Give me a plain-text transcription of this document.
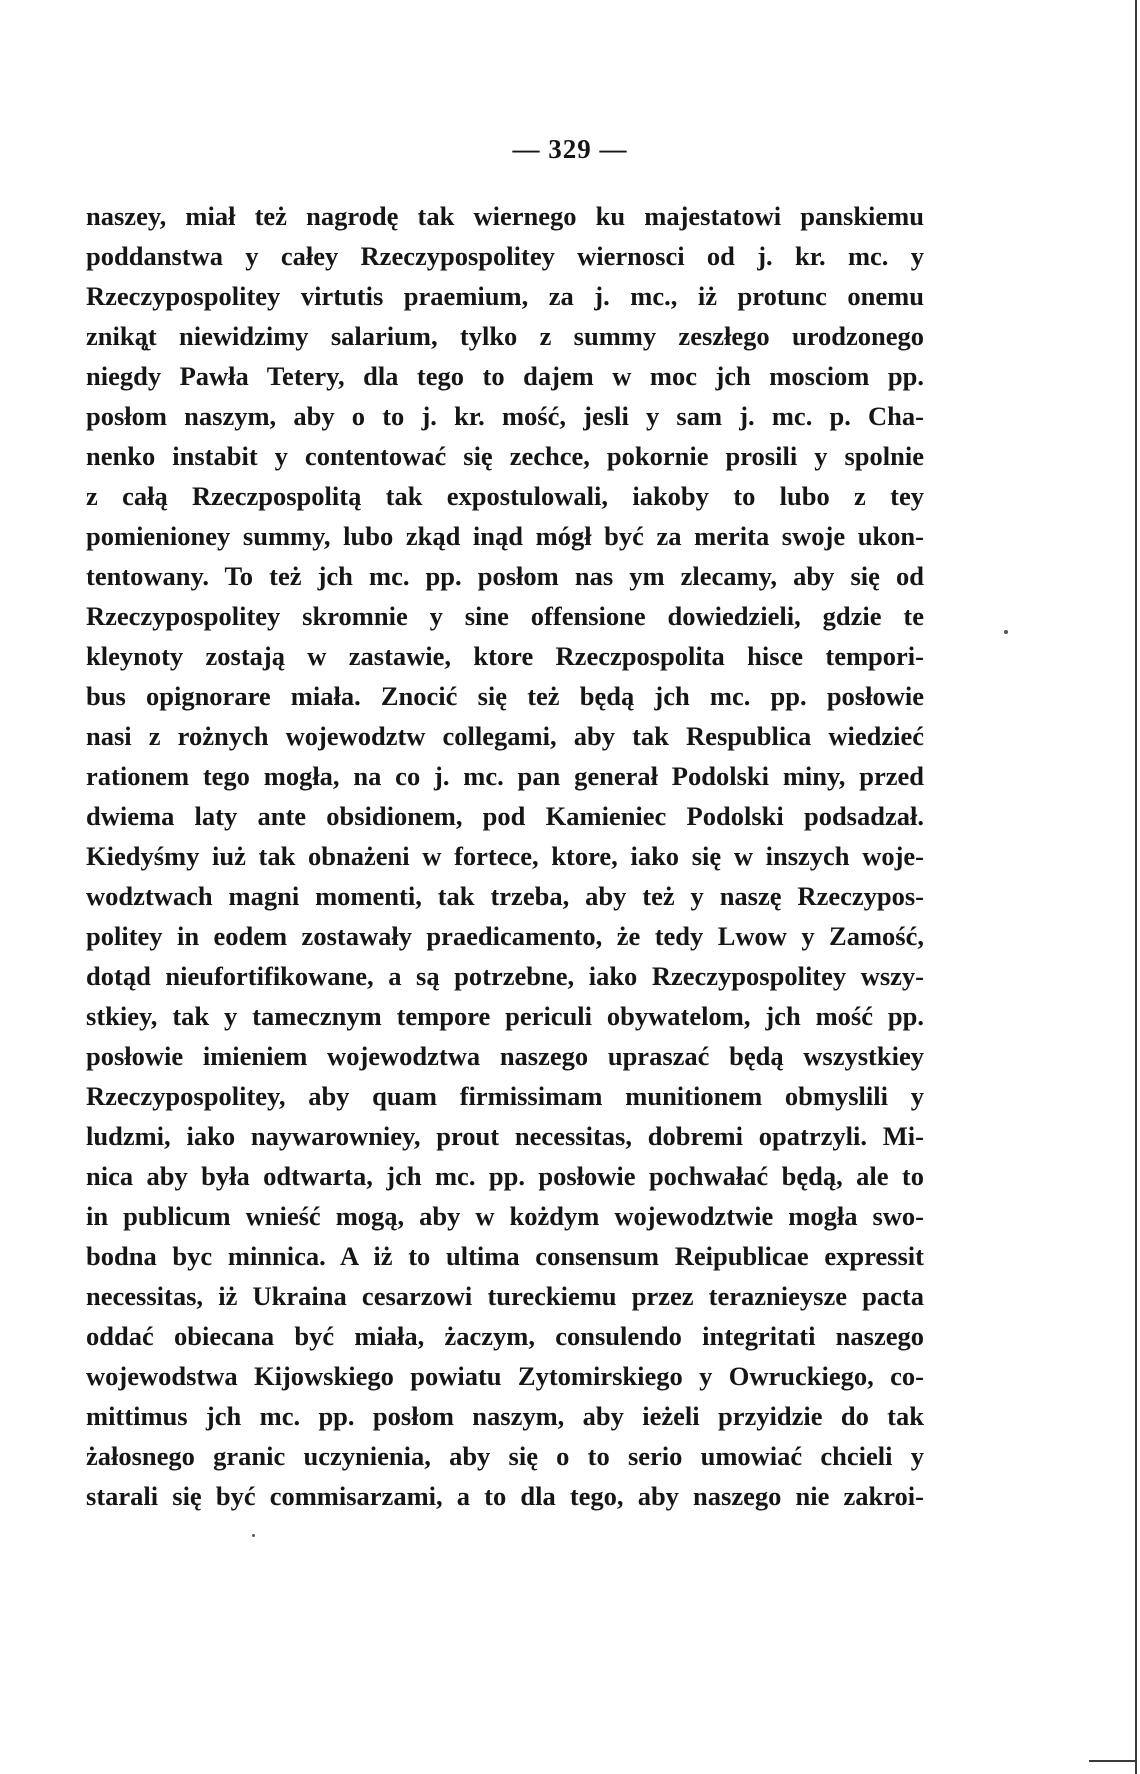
— 329 —
naszey, miał też nagrodę tak wiernego ku majestatowi panskiemu
poddanstwa y całey Rzeczypospolitey wiernosci od j. kr. mc. y
Rzeczypospolitey virtutis praemium, za j. mc., iż protunc onemu
zniką̨t niewidzimy salarium, tylko z summy zeszłego urodzonego
niegdy Pawła Tetery, dla tego to dajem w moc jch mosciom pp.
posłom naszym, aby o to j. kr. mość, jesli y sam j. mc. p. Cha-
nenko instabit y contentować się zechce, pokornie prosili y spolnie
z całą Rzeczpospolitą tak expostulowali, iakoby to lubo z tey
pomienioney summy, lubo zkąd inąd mógł być za merita swoje ukon-
tentowany. To też jch mc. pp. posłom nas ym zlecamy, aby się od
Rzeczypospolitey skromnie y sine offensione dowiedzieli, gdzie te
kleynoty zostają w zastawie, ktore Rzeczpospolita hisce tempori-
bus opignorare miała. Znocić się też będą jch mc. pp. posłowie
nasi z rożnych wojewodztw collegami, aby tak Respublica wiedzieć
rationem tego mogła, na co j. mc. pan generał Podolski miny, przed
dwiema laty ante obsidionem, pod Kamieniec Podolski podsadzał.
Kiedyśmy iuż tak obnażeni w fortece, ktore, iako się w inszych woje-
wodztwach magni momenti, tak trzeba, aby też y naszę Rzeczypos-
politey in eodem zostawały praedicamento, że tedy Lwow y Zamość,
dotąd nieufortifikowane, a są potrzebne, iako Rzeczypospolitey wszy-
stkiey, tak y tamecznym tempore periculi obywatelom, jch mość pp.
posłowie imieniem wojewodztwa naszego upraszać będą wszystkiey
Rzeczypospolitey, aby quam firmissimam munitionem obmyslili y
ludzmi, iako naywarowniey, prout necessitas, dobremi opatrzyli. Mi-
nica aby była odtwarta, jch mc. pp. posłowie pochwałać będą, ale to
in publicum wnieść mogą, aby w kożdym wojewodztwie mogła swo-
bodna byc minnica. A iż to ultima consensum Reipublicae expressit
necessitas, iż Ukraina cesarzowi tureckiemu przez teraznieysze pacta
oddać obiecana być miała, żaczym, consulendo integritati naszego
wojewodstwa Kijowskiego powiatu Zytomirskiego y Owruckiego, co-
mittimus jch mc. pp. posłom naszym, aby ieżeli przyidzie do tak
żałosnego granic uczynienia, aby się o to serio umowiać chcieli y
starali się być commisarzami, a to dla tego, aby naszego nie zakroi-
